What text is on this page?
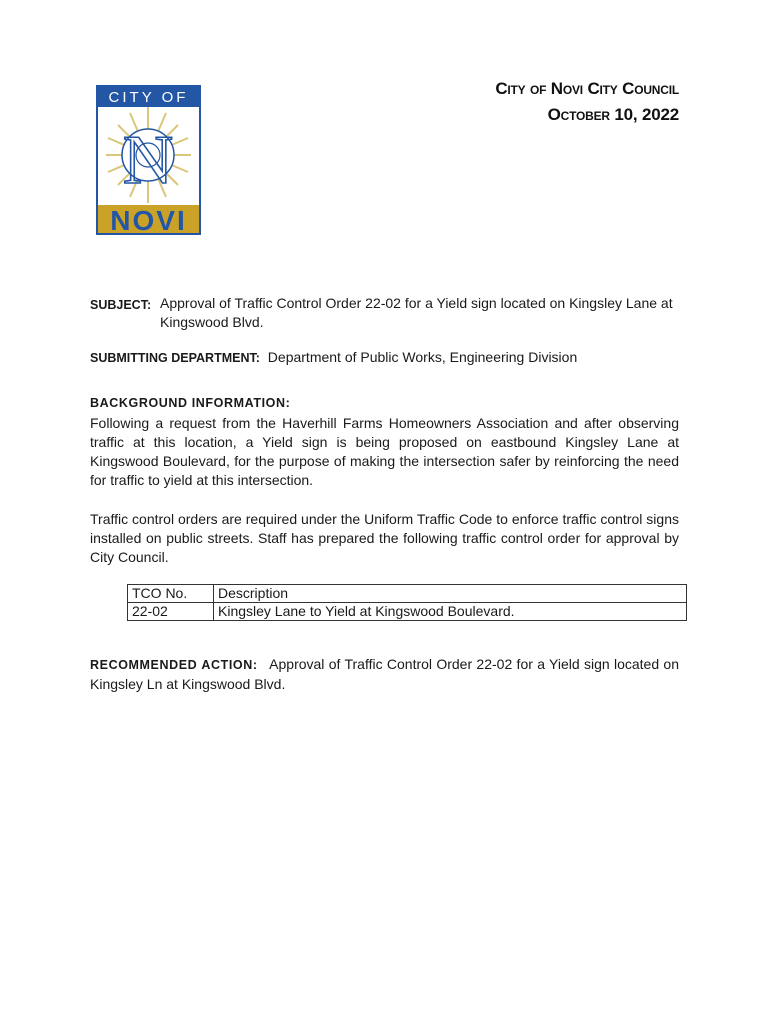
CITY OF
N
NOVI
City of Novi City Council
October 10, 2022
SUBJECT: Approval of Traffic Control Order 22-02 for a Yield sign located on Kingsley Lane at Kingswood Blvd.
SUBMITTING DEPARTMENT: Department of Public Works, Engineering Division
BACKGROUND INFORMATION:
Following a request from the Haverhill Farms Homeowners Association and after observing traffic at this location, a Yield sign is being proposed on eastbound Kingsley Lane at Kingswood Boulevard, for the purpose of making the intersection safer by reinforcing the need for traffic to yield at this intersection.
Traffic control orders are required under the Uniform Traffic Code to enforce traffic control signs installed on public streets. Staff has prepared the following traffic control order for approval by City Council.
TCO No.	Description
22-02	Kingsley Lane to Yield at Kingswood Boulevard.
RECOMMENDED ACTION: Approval of Traffic Control Order 22-02 for a Yield sign located on Kingsley Ln at Kingswood Blvd.
